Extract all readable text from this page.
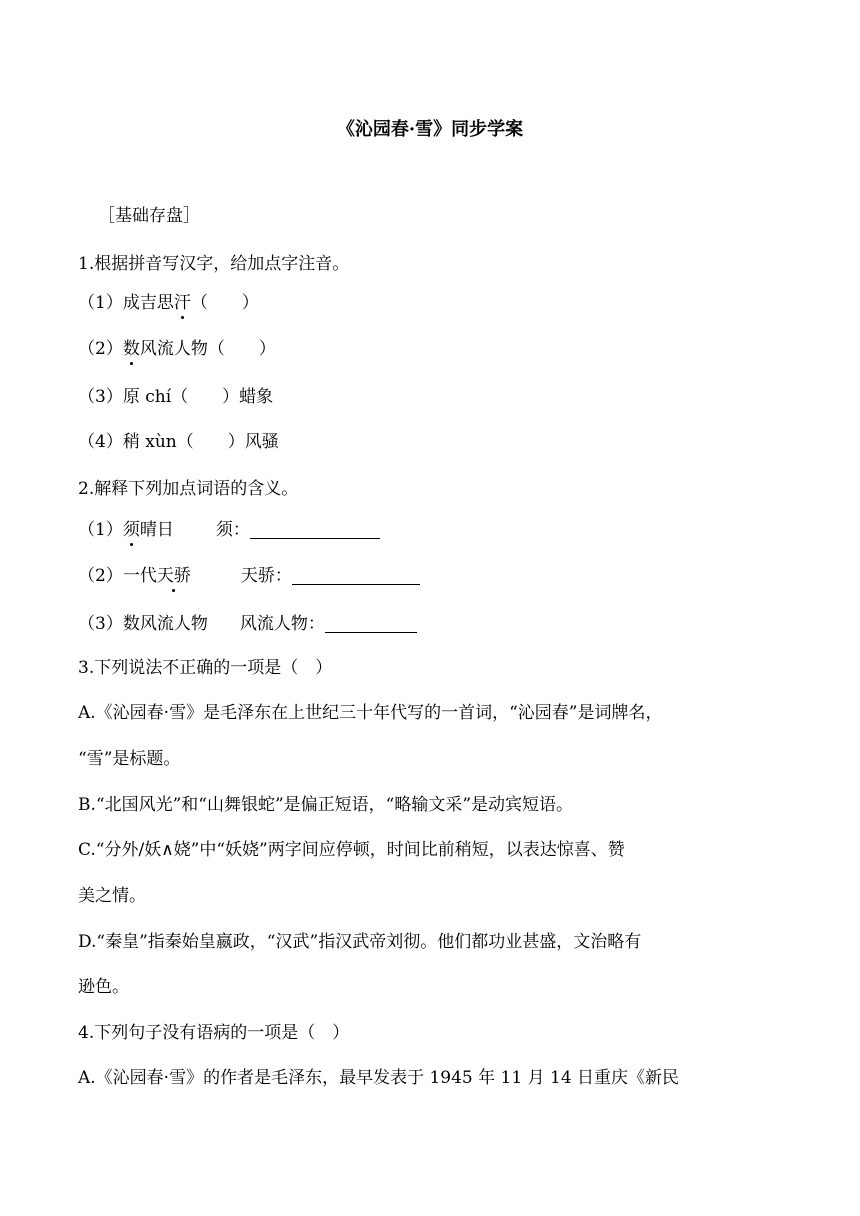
《沁园春·雪》同步学案
［基础存盘］
1.根据拼音写汉字，给加点字注音。
（1）成吉思汗（　　）
（2）数风流人物（　　）
（3）原 chí（　　）蜡象
（4）稍 xùn（　　）风骚
2.解释下列加点词语的含义。
（1）须晴日 须：
（2）一代天骄	天骄：
（3）数风流人物 风流人物：
3.下列说法不正确的一项是（　）
A.《沁园春·雪》是毛泽东在上世纪三十年代写的一首词，“沁园春”是词牌名，
“雪”是标题。
B.“北国风光”和“山舞银蛇”是偏正短语，“略输文采”是动宾短语。
C.“分外/妖∧娆”中“妖娆”两字间应停顿，时间比前稍短，以表达惊喜、赞
美之情。
D.“秦皇”指秦始皇嬴政，“汉武”指汉武帝刘彻。他们都功业甚盛，文治略有
逊色。
4.下列句子没有语病的一项是（　）
A.《沁园春·雪》的作者是毛泽东，最早发表于 1945 年 11 月 14 日重庆《新民
